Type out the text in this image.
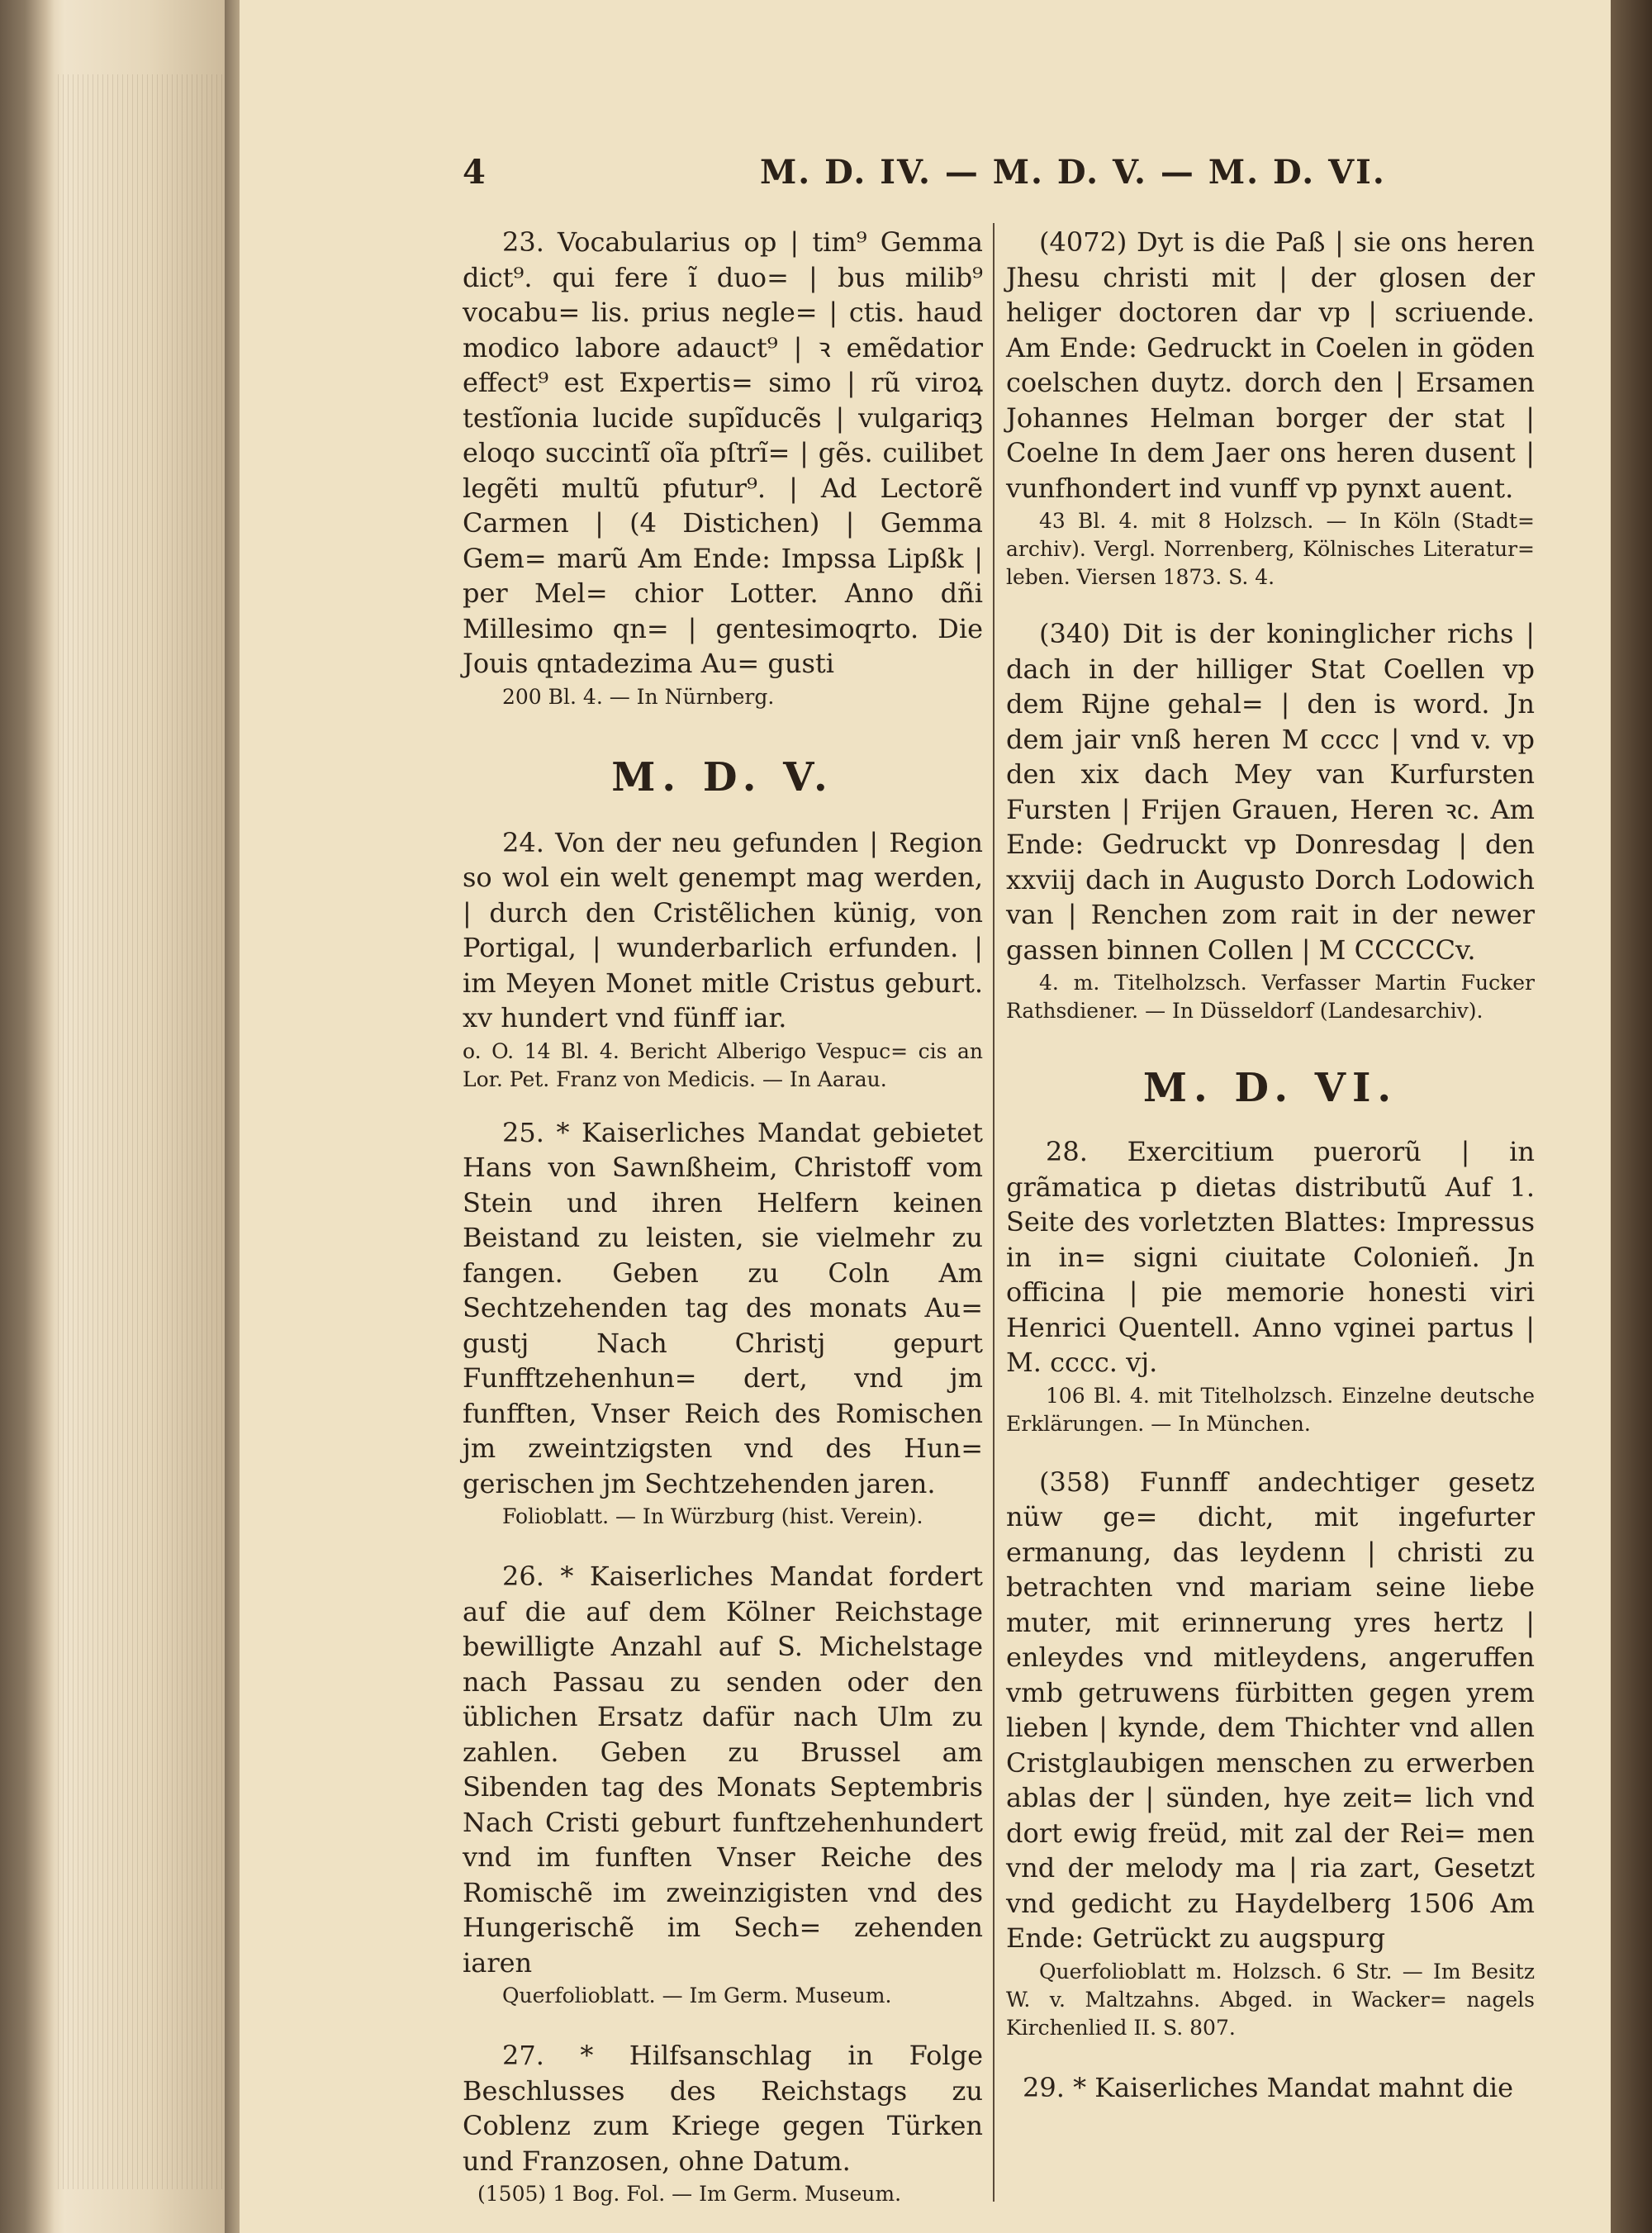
4	M. D. IV. — M. D. V. — M. D. VI.

23. Vocabularius op | tim⁹ Gemma dict⁹. qui fere ĩ duo= | bus milib⁹ vocabu= lis. prius negle= | ctis. haud modico labore adauct⁹ | ꝛ emẽdatior effect⁹ est Expertis= simo | rũ viroꝝ testĩonia lucide supĩducẽs | vulgariqꝫ eloqo succintĩ oĩa pſtrĩ= | gẽs. cuilibet legẽti multũ pfutur⁹. | Ad Lectorẽ Carmen | (4 Distichen) | Gemma Gem= marũ Am Ende: Impssa Lipßk | per Mel= chior Lotter. Anno dñi Millesimo qn= | gentesimoqrto. Die Jouis qntadezima Au= gusti

200 Bl. 4. — In Nürnberg.

M. D. V.

24. Von der neu gefunden | Region so wol ein welt genempt mag werden, | durch den Cristẽlichen künig, von Portigal, | wunderbarlich erfunden. | im Meyen Monet mitle Cristus geburt. xv hundert vnd fünff iar.

o. O. 14 Bl. 4. Bericht Alberigo Vespuc= cis an Lor. Pet. Franz von Medicis. — In Aarau.

25. * Kaiserliches Mandat gebietet Hans von Sawnßheim, Christoff vom Stein und ihren Helfern keinen Beistand zu leisten, sie vielmehr zu fangen. Geben zu Coln Am Sechtzehenden tag des monats Au= gustj Nach Christj gepurt Funfftzehenhun= dert, vnd jm funfften, Vnser Reich des Romischen jm zweintzigsten vnd des Hun= gerischen jm Sechtzehenden jaren.

Folioblatt. — In Würzburg (hist. Verein).

26. * Kaiserliches Mandat fordert auf die auf dem Kölner Reichstage bewilligte Anzahl auf S. Michelstage nach Passau zu senden oder den üblichen Ersatz dafür nach Ulm zu zahlen. Geben zu Brussel am Sibenden tag des Monats Septembris Nach Cristi geburt funftzehenhundert vnd im funften Vnser Reiche des Romischẽ im zweinzigisten vnd des Hungerischẽ im Sech= zehenden iaren

Querfolioblatt. — Im Germ. Museum.

27. * Hilfsanschlag in Folge Beschlusses des Reichstags zu Coblenz zum Kriege gegen Türken und Franzosen, ohne Datum.

(1505) 1 Bog. Fol. — Im Germ. Museum.

(4072) Dyt is die Paß | sie ons heren Jhesu christi mit | der glosen der heliger doctoren dar vp | scriuende. Am Ende: Gedruckt in Coelen in göden coelschen duytz. dorch den | Ersamen Johannes Helman borger der stat | Coelne In dem Jaer ons heren dusent | vunfhondert ind vunff vp pynxt auent.

43 Bl. 4. mit 8 Holzsch. — In Köln (Stadt= archiv). Vergl. Norrenberg, Kölnisches Literatur= leben. Viersen 1873. S. 4.

(340) Dit is der koninglicher richs | dach in der hilliger Stat Coellen vp dem Rijne gehal= | den is word. Jn dem jair vnß heren M cccc | vnd v. vp den xix dach Mey van Kurfursten Fursten | Frijen Grauen, Heren ꝛc. Am Ende: Gedruckt vp Donresdag | den xxviij dach in Augusto Dorch Lodowich van | Renchen zom rait in der newer gassen binnen Collen | M CCCCCv.

4. m. Titelholzsch. Verfasser Martin Fucker Rathsdiener. — In Düsseldorf (Landesarchiv).

M. D. VI.

28. Exercitium puerorũ | in grãmatica p dietas distributũ Auf 1. Seite des vorletzten Blattes: Impressus in in= signi ciuitate Colonieñ. Jn officina | pie memorie honesti viri Henrici Quentell. Anno vginei partus | M. cccc. vj.

106 Bl. 4. mit Titelholzsch. Einzelne deutsche Erklärungen. — In München.

(358) Funnff andechtiger gesetz nüw ge= dicht, mit ingefurter ermanung, das leydenn | christi zu betrachten vnd mariam seine liebe muter, mit erinnerung yres hertz | enleydes vnd mitleydens, angeruffen vmb getruwens fürbitten gegen yrem lieben | kynde, dem Thichter vnd allen Cristglaubigen menschen zu erwerben ablas der | sünden, hye zeit= lich vnd dort ewig freüd, mit zal der Rei= men vnd der melody ma | ria zart, Gesetzt vnd gedicht zu Haydelberg 1506 Am Ende: Getrückt zu augspurg

Querfolioblatt m. Holzsch. 6 Str. — Im Besitz W. v. Maltzahns. Abged. in Wacker= nagels Kirchenlied II. S. 807.

29. * Kaiserliches Mandat mahnt die
